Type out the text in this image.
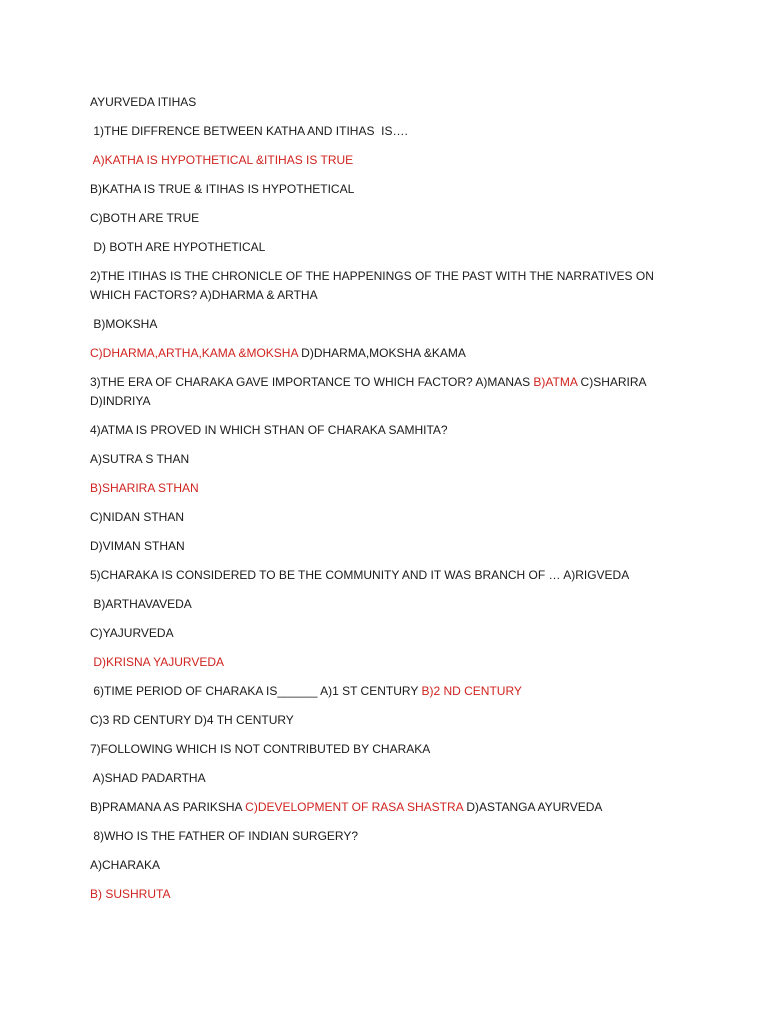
AYURVEDA ITIHAS

1)THE DIFFRENCE BETWEEN KATHA AND ITIHAS  IS….

A)KATHA IS HYPOTHETICAL &ITIHAS IS TRUE

B)KATHA IS TRUE & ITIHAS IS HYPOTHETICAL

C)BOTH ARE TRUE

D) BOTH ARE HYPOTHETICAL

2)THE ITIHAS IS THE CHRONICLE OF THE HAPPENINGS OF THE PAST WITH THE NARRATIVES ON WHICH FACTORS? A)DHARMA & ARTHA

B)MOKSHA

C)DHARMA,ARTHA,KAMA &MOKSHA D)DHARMA,MOKSHA &KAMA

3)THE ERA OF CHARAKA GAVE IMPORTANCE TO WHICH FACTOR? A)MANAS B)ATMA C)SHARIRA D)INDRIYA

4)ATMA IS PROVED IN WHICH STHAN OF CHARAKA SAMHITA?

A)SUTRA S THAN

B)SHARIRA STHAN

C)NIDAN STHAN

D)VIMAN STHAN

5)CHARAKA IS CONSIDERED TO BE THE COMMUNITY AND IT WAS BRANCH OF … A)RIGVEDA

B)ARTHAVAVEDA

C)YAJURVEDA

D)KRISNA YAJURVEDA

6)TIME PERIOD OF CHARAKA IS______ A)1 ST CENTURY B)2 ND CENTURY

C)3 RD CENTURY D)4 TH CENTURY

7)FOLLOWING WHICH IS NOT CONTRIBUTED BY CHARAKA

A)SHAD PADARTHA

B)PRAMANA AS PARIKSHA C)DEVELOPMENT OF RASA SHASTRA D)ASTANGA AYURVEDA

8)WHO IS THE FATHER OF INDIAN SURGERY?

A)CHARAKA

B) SUSHRUTA
